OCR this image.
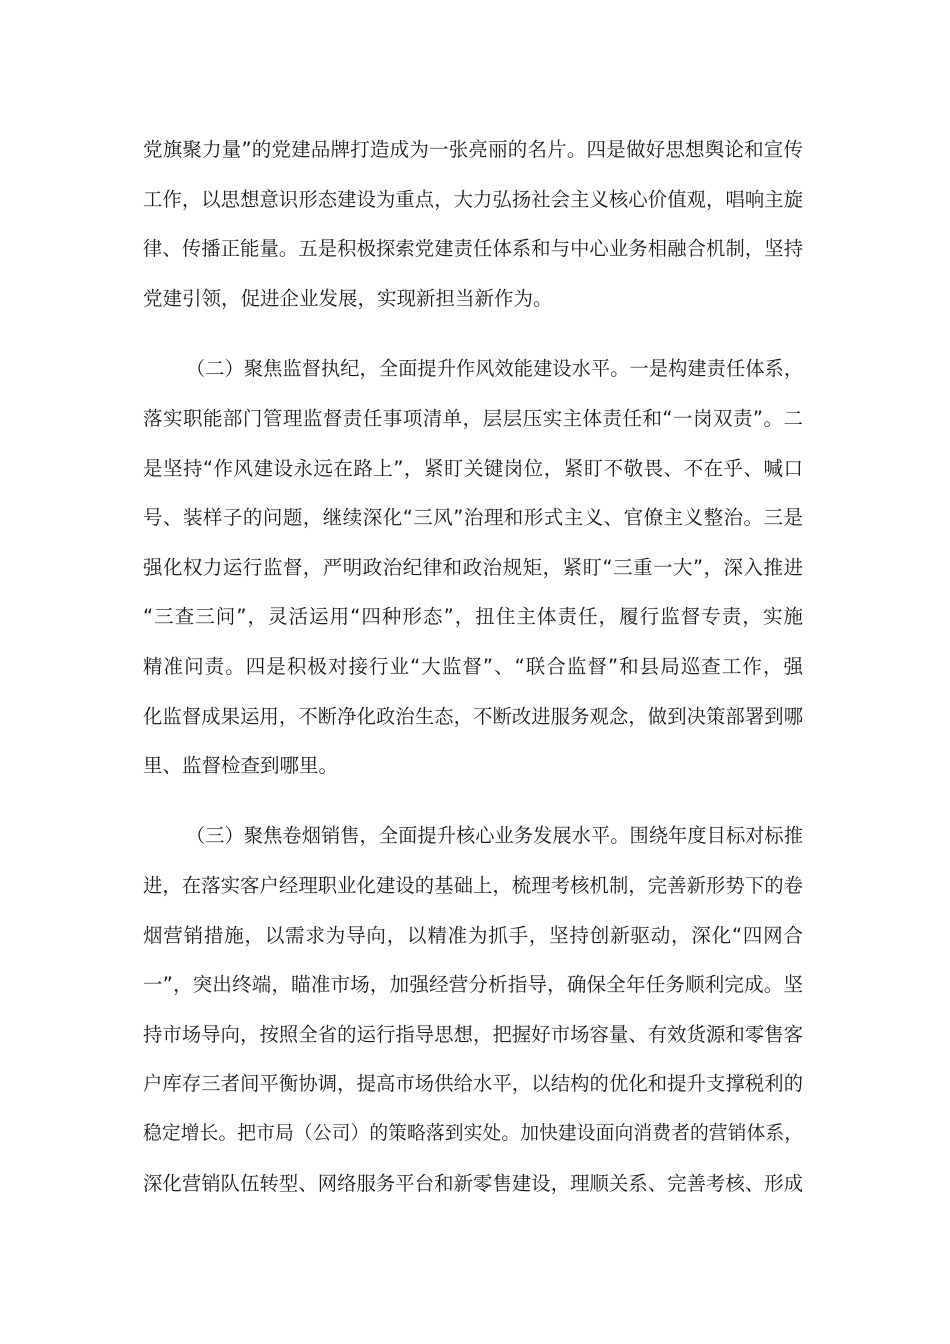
党旗聚力量”的党建品牌打造成为一张亮丽的名片。四是做好思想舆论和宣传
工作，以思想意识形态建设为重点，大力弘扬社会主义核心价值观，唱响主旋
律、传播正能量。五是积极探索党建责任体系和与中心业务相融合机制，坚持
党建引领，促进企业发展，实现新担当新作为。
（二）聚焦监督执纪，全面提升作风效能建设水平。一是构建责任体系，
落实职能部门管理监督责任事项清单，层层压实主体责任和“一岗双责”。二
是坚持“作风建设永远在路上”，紧盯关键岗位，紧盯不敬畏、不在乎、喊口
号、装样子的问题，继续深化“三风”治理和形式主义、官僚主义整治。三是
强化权力运行监督，严明政治纪律和政治规矩，紧盯“三重一大”，深入推进
“三查三问”，灵活运用“四种形态”，扭住主体责任，履行监督专责，实施
精准问责。四是积极对接行业“大监督”、“联合监督”和县局巡查工作，强
化监督成果运用，不断净化政治生态，不断改进服务观念，做到决策部署到哪
里、监督检查到哪里。
（三）聚焦卷烟销售，全面提升核心业务发展水平。围绕年度目标对标推
进，在落实客户经理职业化建设的基础上，梳理考核机制，完善新形势下的卷
烟营销措施，以需求为导向，以精准为抓手，坚持创新驱动，深化“四网合
一”，突出终端，瞄准市场，加强经营分析指导，确保全年任务顺利完成。坚
持市场导向，按照全省的运行指导思想，把握好市场容量、有效货源和零售客
户库存三者间平衡协调，提高市场供给水平，以结构的优化和提升支撑税利的
稳定增长。把市局（公司）的策略落到实处。加快建设面向消费者的营销体系，
深化营销队伍转型、网络服务平台和新零售建设，理顺关系、完善考核、形成
